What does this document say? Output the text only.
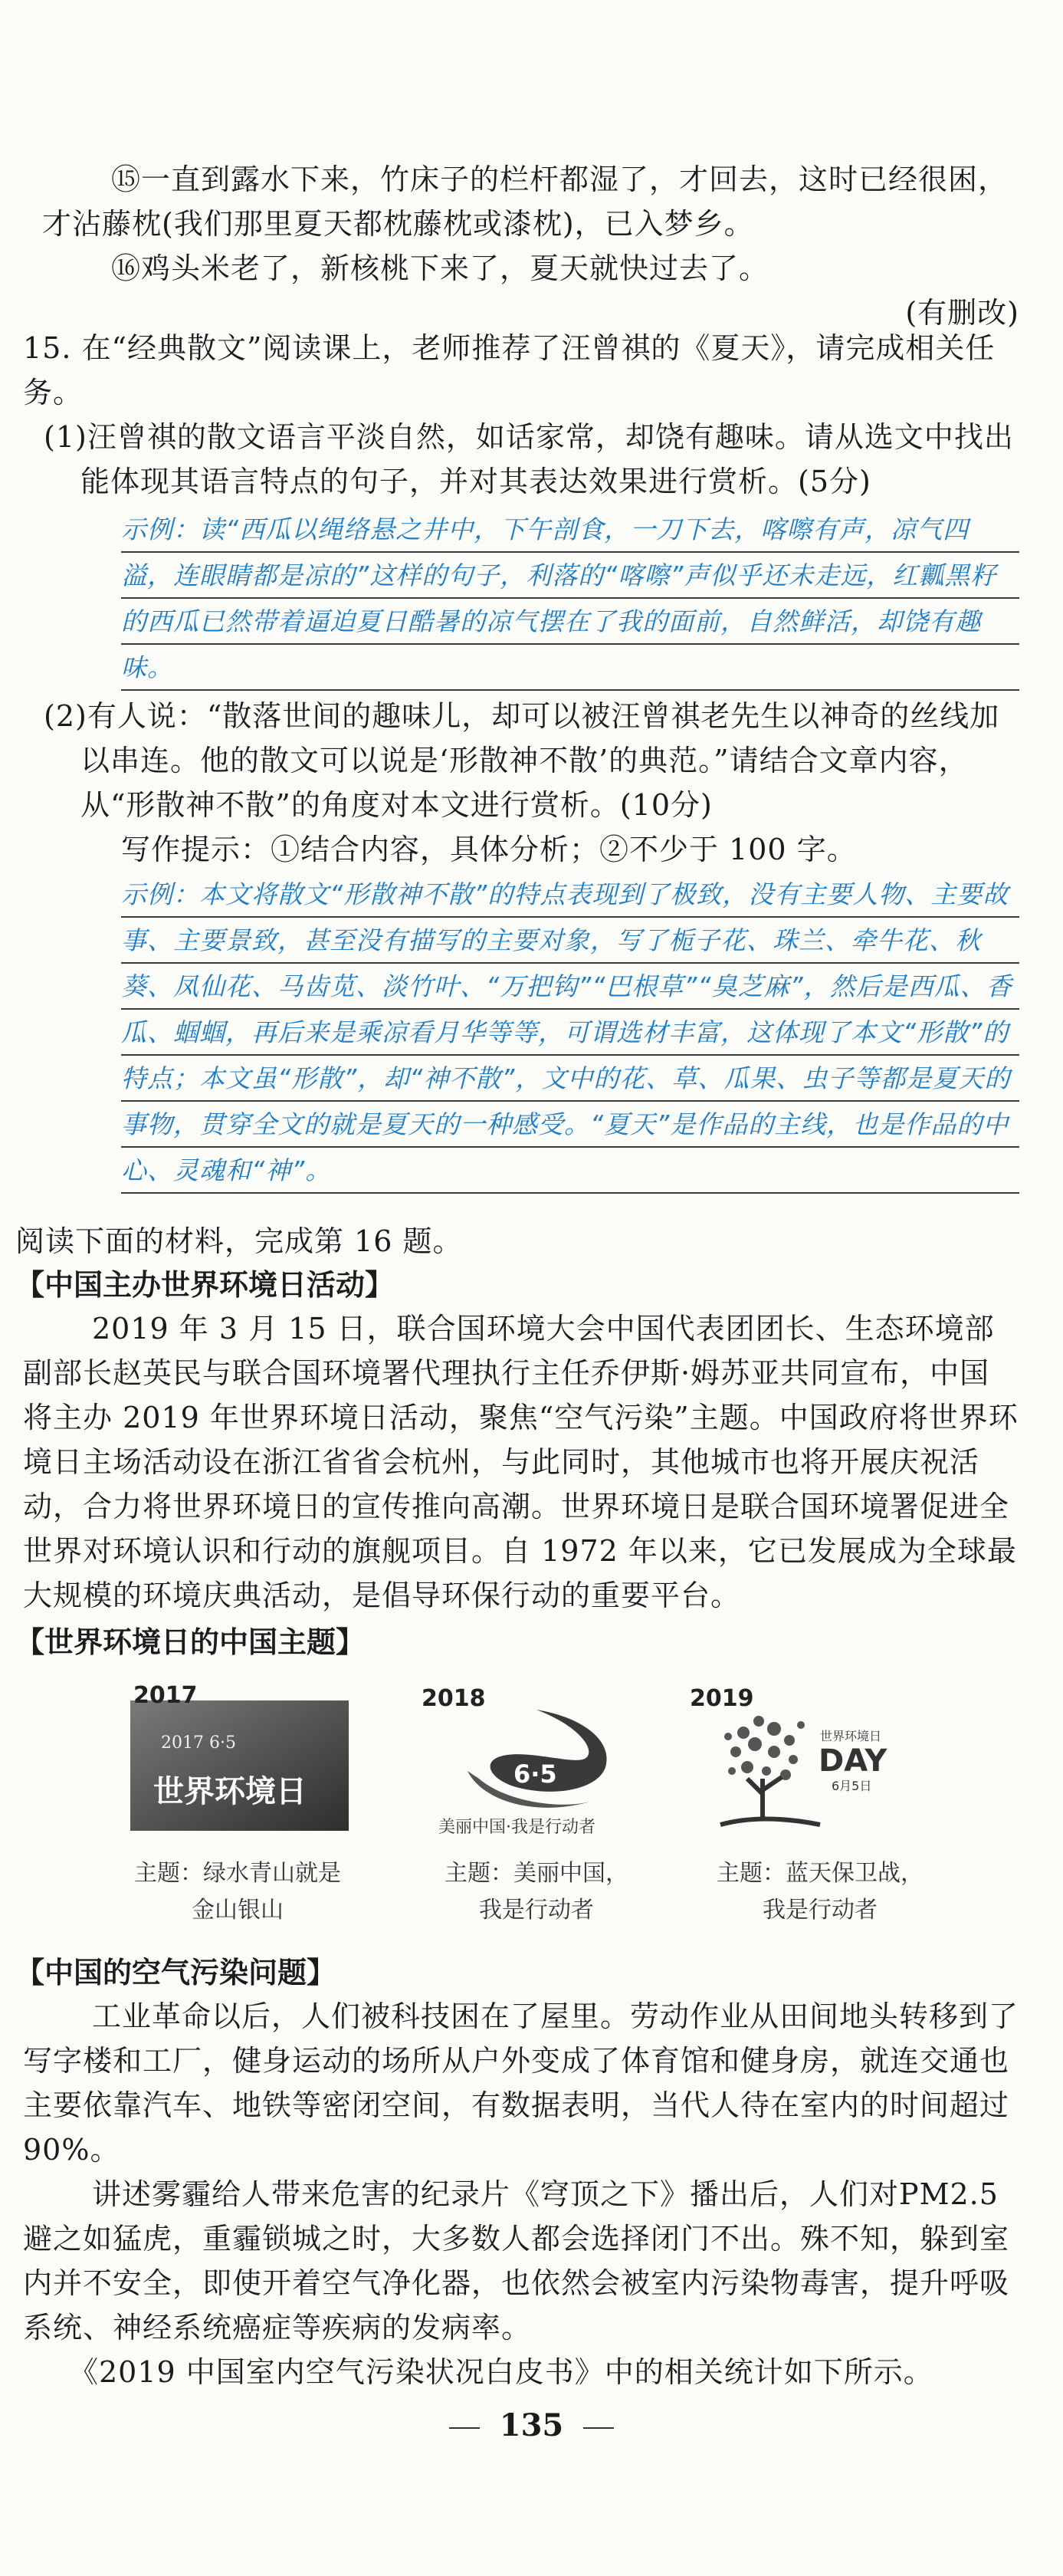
⑮一直到露水下来，竹床子的栏杆都湿了，才回去，这时已经很困，才沾藤枕(我们那里夏天都枕藤枕或漆枕)，已入梦乡。

⑯鸡头米老了，新核桃下来了，夏天就快过去了。

(有删改)

15. 在“经典散文”阅读课上，老师推荐了汪曾祺的《夏天》，请完成相关任务。

(1)汪曾祺的散文语言平淡自然，如话家常，却饶有趣味。请从选文中找出能体现其语言特点的句子，并对其表达效果进行赏析。(5分)

示例：读“西瓜以绳络悬之井中，下午剖食，一刀下去，喀嚓有声，凉气四溢，连眼睛都是凉的”这样的句子，利落的“喀嚓”声似乎还未走远，红瓤黑籽的西瓜已然带着逼迫夏日酷暑的凉气摆在了我的面前，自然鲜活，却饶有趣味。

(2)有人说：“散落世间的趣味儿，却可以被汪曾祺老先生以神奇的丝线加以串连。他的散文可以说是‘形散神不散’的典范。”请结合文章内容，从“形散神不散”的角度对本文进行赏析。(10分)

写作提示：①结合内容，具体分析；②不少于 100 字。

示例：本文将散文“形散神不散”的特点表现到了极致，没有主要人物、主要故事、主要景致，甚至没有描写的主要对象，写了栀子花、珠兰、牵牛花、秋葵、凤仙花、马齿苋、淡竹叶、“万把钩”“巴根草”“臭芝麻”，然后是西瓜、香瓜、蝈蝈，再后来是乘凉看月华等等，可谓选材丰富，这体现了本文“形散”的特点；本文虽“形散”，却“神不散”，文中的花、草、瓜果、虫子等都是夏天的事物，贯穿全文的就是夏天的一种感受。“夏天”是作品的主线，也是作品的中心、灵魂和“神”。

阅读下面的材料，完成第 16 题。

【中国主办世界环境日活动】

2019 年 3 月 15 日，联合国环境大会中国代表团团长、生态环境部副部长赵英民与联合国环境署代理执行主任乔伊斯·姆苏亚共同宣布，中国将主办 2019 年世界环境日活动，聚焦“空气污染”主题。中国政府将世界环境日主场活动设在浙江省省会杭州，与此同时，其他城市也将开展庆祝活动，合力将世界环境日的宣传推向高潮。世界环境日是联合国环境署促进全世界对环境认识和行动的旗舰项目。自 1972 年以来，它已发展成为全球最大规模的环境庆典活动，是倡导环保行动的重要平台。

【世界环境日的中国主题】

2017 6·5
世界环境日
2017
6·5
美丽中国·我是行动者
2018
世界环境日
DAY
6月5日
2019
主题：绿水青山就是
金山银山
主题：美丽中国，
我是行动者
主题：蓝天保卫战，
我是行动者

【中国的空气污染问题】

工业革命以后，人们被科技困在了屋里。劳动作业从田间地头转移到了写字楼和工厂，健身运动的场所从户外变成了体育馆和健身房，就连交通也主要依靠汽车、地铁等密闭空间，有数据表明，当代人待在室内的时间超过 90%。

讲述雾霾给人带来危害的纪录片《穹顶之下》播出后，人们对PM2.5 避之如猛虎，重霾锁城之时，大多数人都会选择闭门不出。殊不知，躲到室内并不安全，即使开着空气净化器，也依然会被室内污染物毒害，提升呼吸系统、神经系统癌症等疾病的发病率。

《2019 中国室内空气污染状况白皮书》中的相关统计如下所示。

135
